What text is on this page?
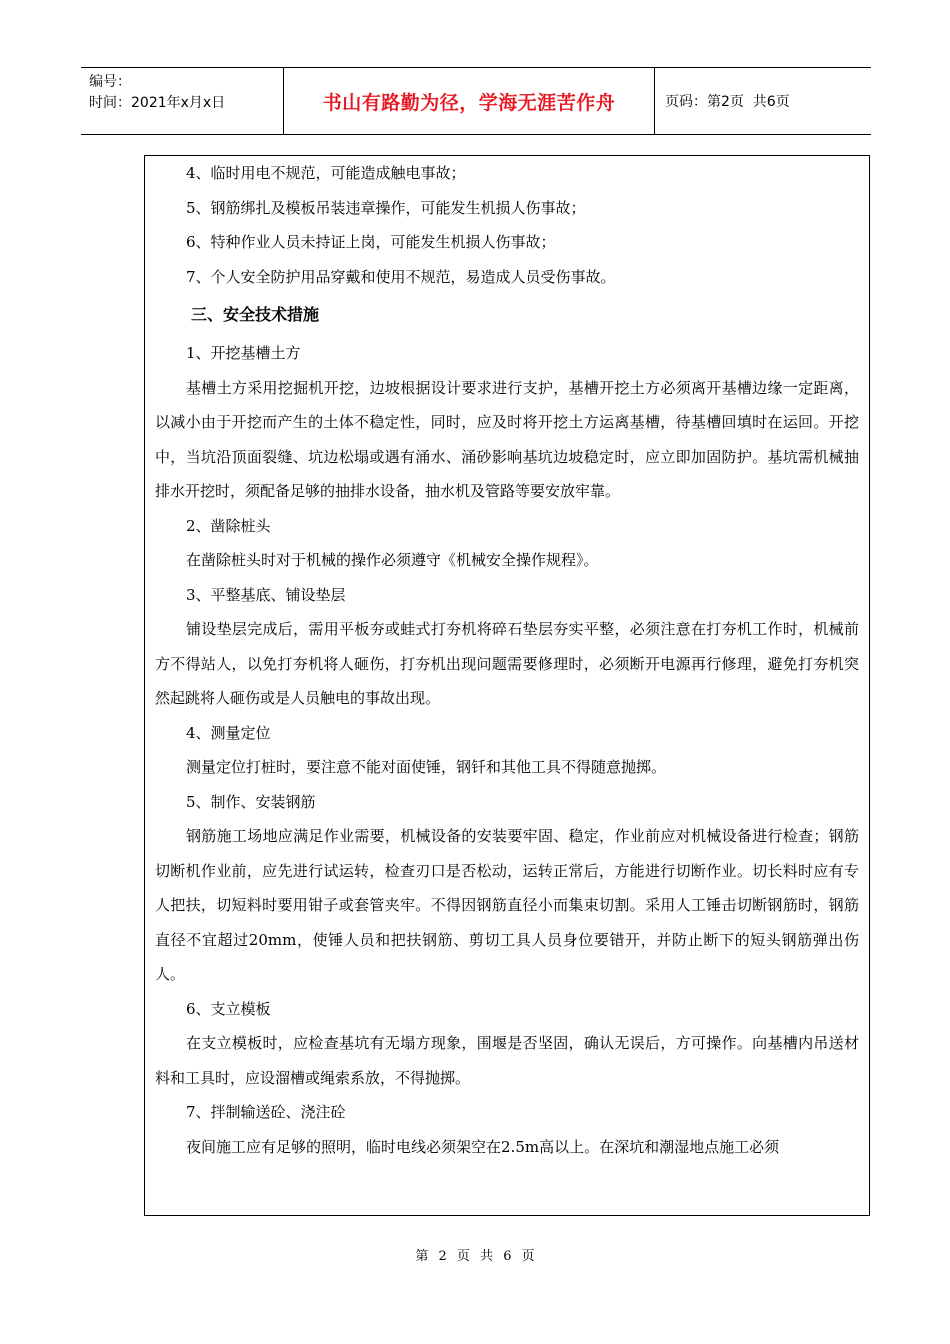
编号：
时间：2021年x月x日	书山有路勤为径，学海无涯苦作舟	页码：第2页  共6页

4、临时用电不规范，可能造成触电事故；

5、钢筋绑扎及模板吊装违章操作，可能发生机损人伤事故；

6、特种作业人员未持证上岗，可能发生机损人伤事故；

7、个人安全防护用品穿戴和使用不规范，易造成人员受伤事故。

三、安全技术措施

1、开挖基槽土方

基槽土方采用挖掘机开挖，边坡根据设计要求进行支护，基槽开挖土方必须离开基槽边缘一定距离，以减小由于开挖而产生的土体不稳定性，同时，应及时将开挖土方运离基槽，待基槽回填时在运回。开挖中，当坑沿顶面裂缝、坑边松塌或遇有涌水、涌砂影响基坑边坡稳定时，应立即加固防护。基坑需机械抽排水开挖时，须配备足够的抽排水设备，抽水机及管路等要安放牢靠。

2、凿除桩头

在凿除桩头时对于机械的操作必须遵守《机械安全操作规程》。

3、平整基底、铺设垫层

铺设垫层完成后，需用平板夯或蛙式打夯机将碎石垫层夯实平整，必须注意在打夯机工作时，机械前方不得站人，以免打夯机将人砸伤，打夯机出现问题需要修理时，必须断开电源再行修理，避免打夯机突然起跳将人砸伤或是人员触电的事故出现。

4、测量定位

测量定位打桩时，要注意不能对面使锤，钢钎和其他工具不得随意抛掷。

5、制作、安装钢筋

钢筋施工场地应满足作业需要，机械设备的安装要牢固、稳定，作业前应对机械设备进行检查；钢筋切断机作业前，应先进行试运转，检查刃口是否松动，运转正常后，方能进行切断作业。切长料时应有专人把扶，切短料时要用钳子或套管夹牢。不得因钢筋直径小而集束切割。采用人工锤击切断钢筋时，钢筋直径不宜超过20mm，使锤人员和把扶钢筋、剪切工具人员身位要错开，并防止断下的短头钢筋弹出伤人。

6、支立模板

在支立模板时，应检查基坑有无塌方现象，围堰是否坚固，确认无误后，方可操作。向基槽内吊送材料和工具时，应设溜槽或绳索系放，不得抛掷。

7、拌制输送砼、浇注砼

夜间施工应有足够的照明，临时电线必须架空在2.5m高以上。在深坑和潮湿地点施工必须

第 2 页 共 6 页
